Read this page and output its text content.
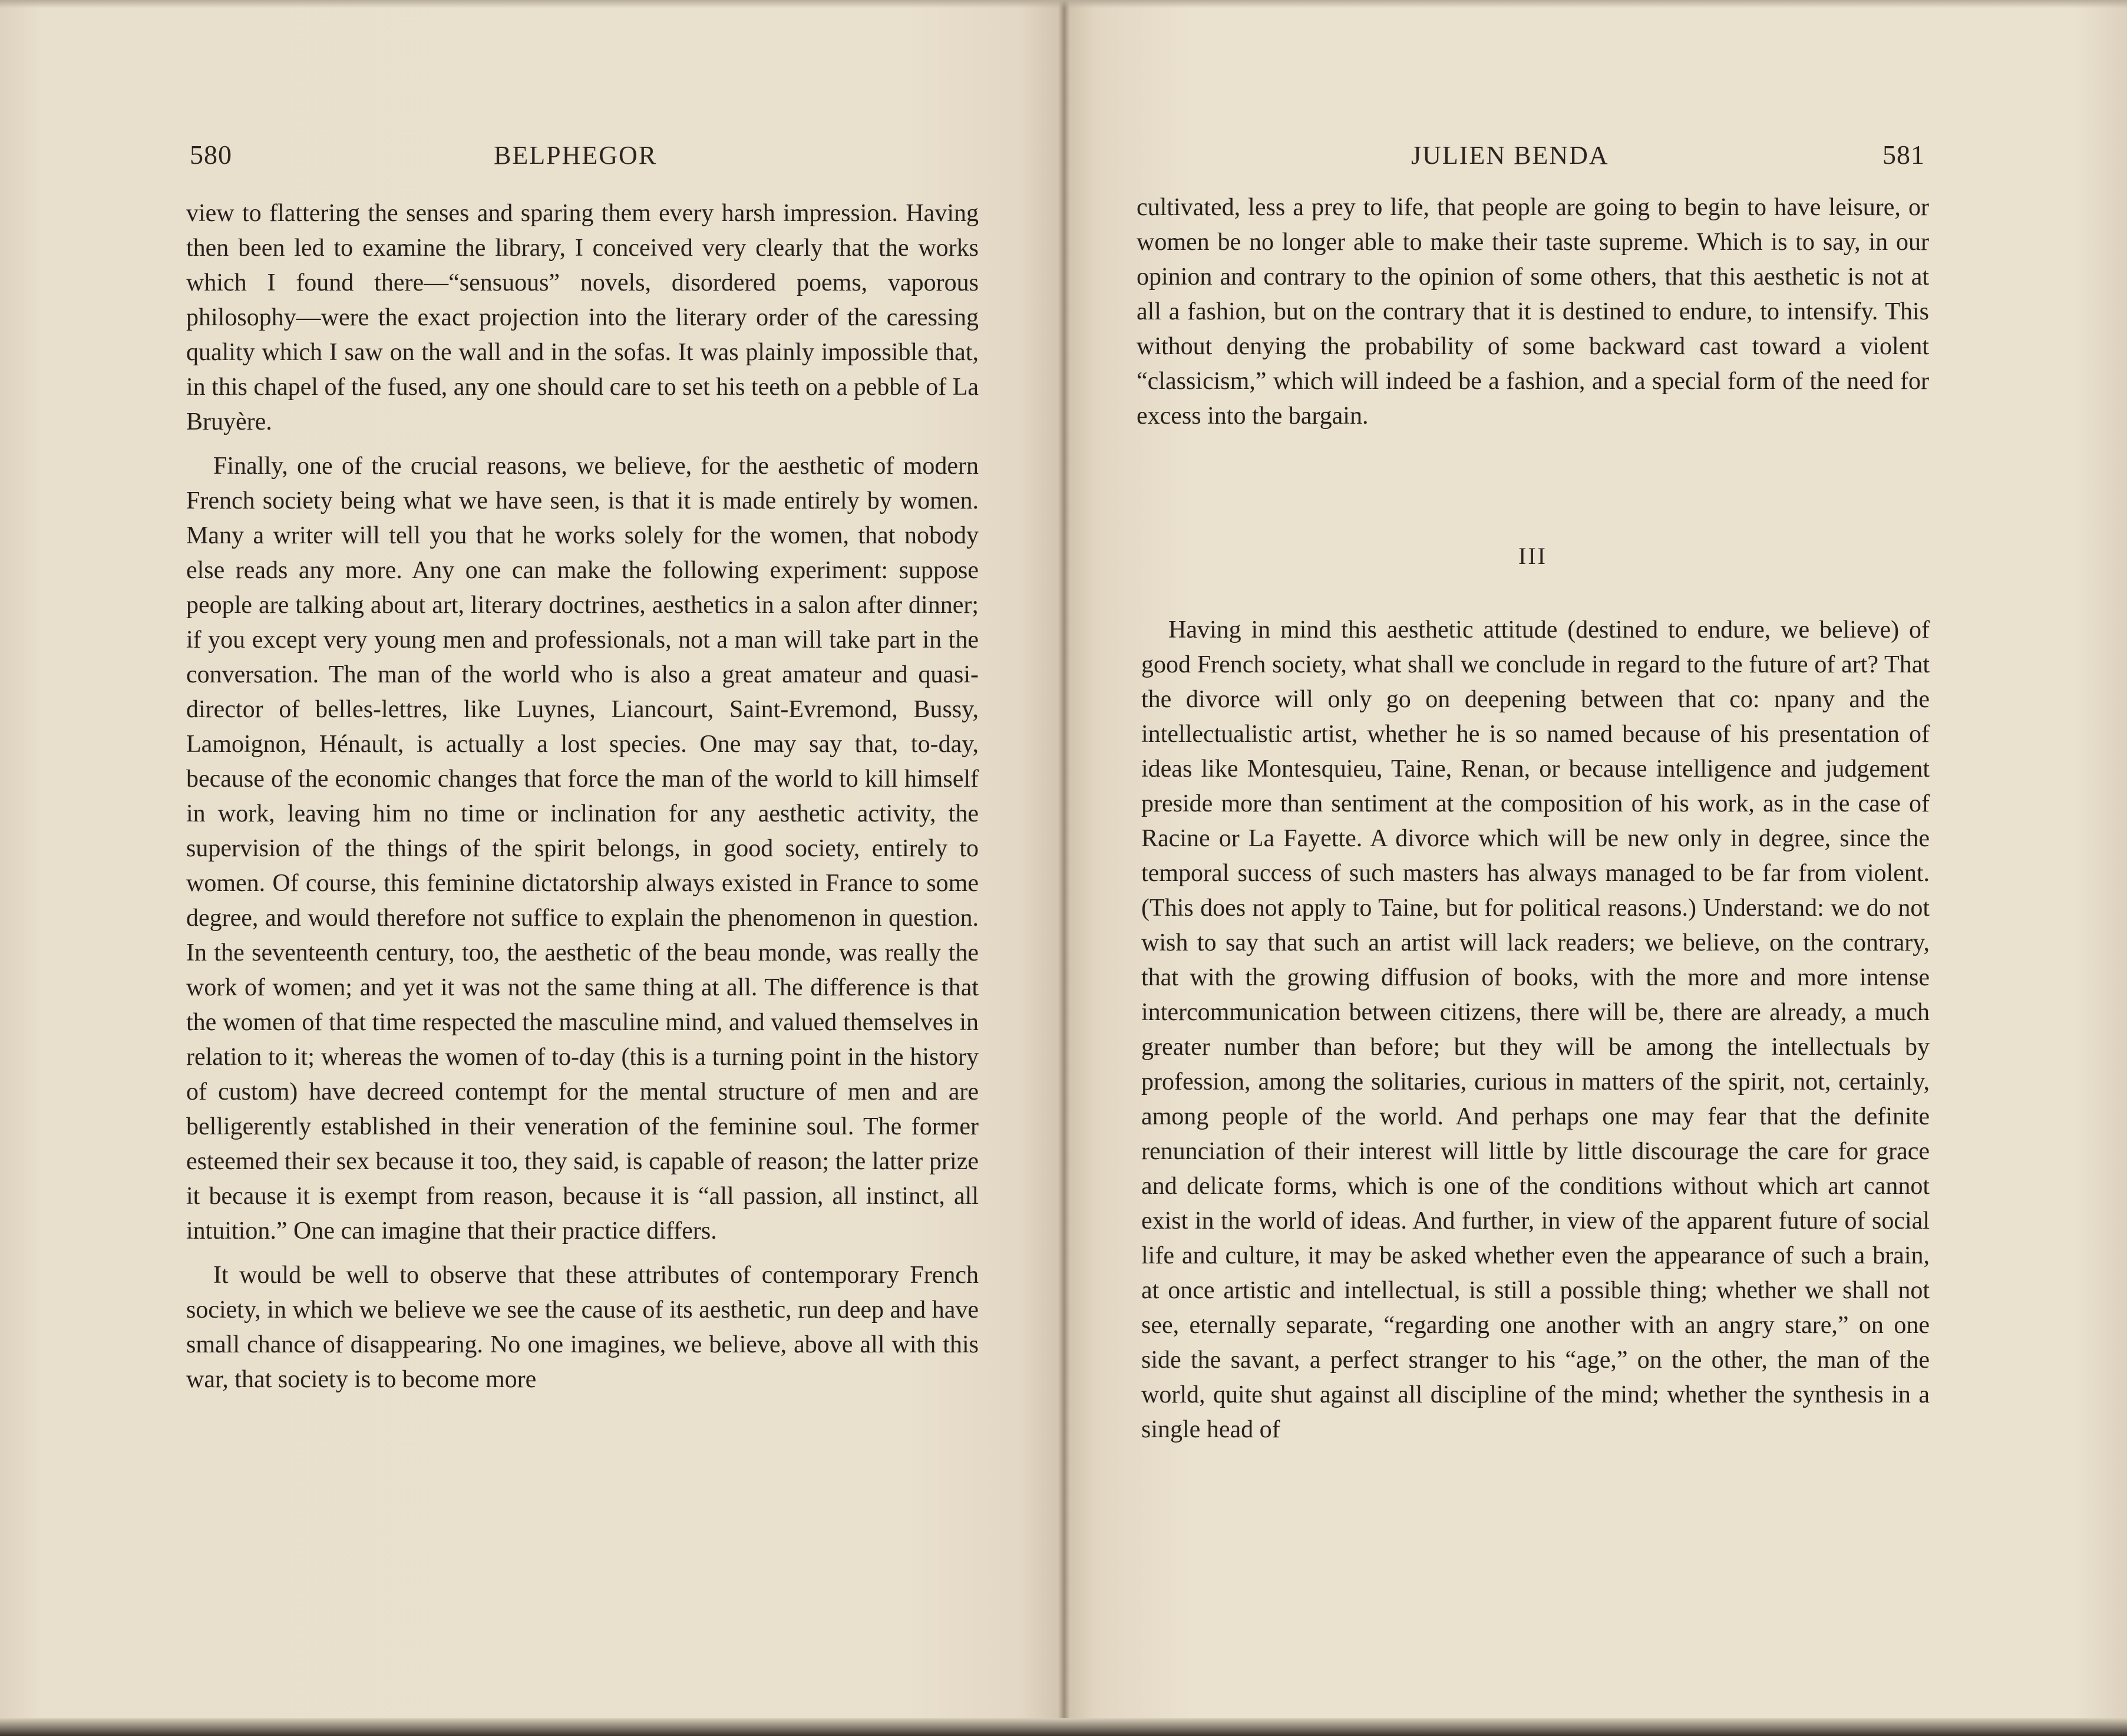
580	BELPHEGOR

view to flattering the senses and sparing them every harsh impression. Having then been led to examine the library, I conceived very clearly that the works which I found there—“sensuous” novels, disordered poems, vaporous philosophy—were the exact projection into the literary order of the caressing quality which I saw on the wall and in the sofas. It was plainly impossible that, in this chapel of the fused, any one should care to set his teeth on a pebble of La Bruyère.

Finally, one of the crucial reasons, we believe, for the aesthetic of modern French society being what we have seen, is that it is made entirely by women. Many a writer will tell you that he works solely for the women, that nobody else reads any more. Any one can make the following experiment: suppose people are talking about art, literary doctrines, aesthetics in a salon after dinner; if you except very young men and professionals, not a man will take part in the conversation. The man of the world who is also a great amateur and quasi-director of belles-lettres, like Luynes, Liancourt, Saint-Evremond, Bussy, Lamoignon, Hénault, is actually a lost species. One may say that, to-day, because of the economic changes that force the man of the world to kill himself in work, leaving him no time or inclination for any aesthetic activity, the supervision of the things of the spirit belongs, in good society, entirely to women. Of course, this feminine dictatorship always existed in France to some degree, and would therefore not suffice to explain the phenomenon in question. In the seventeenth century, too, the aesthetic of the beau monde, was really the work of women; and yet it was not the same thing at all. The difference is that the women of that time respected the masculine mind, and valued themselves in relation to it; whereas the women of to-day (this is a turning point in the history of custom) have decreed contempt for the mental structure of men and are belligerently established in their veneration of the feminine soul. The former esteemed their sex because it too, they said, is capable of reason; the latter prize it because it is exempt from reason, because it is “all passion, all instinct, all intuition.” One can imagine that their practice differs.

It would be well to observe that these attributes of contemporary French society, in which we believe we see the cause of its aesthetic, run deep and have small chance of disappearing. No one imagines, we believe, above all with this war, that society is to become more

JULIEN BENDA	581

cultivated, less a prey to life, that people are going to begin to have leisure, or women be no longer able to make their taste supreme. Which is to say, in our opinion and contrary to the opinion of some others, that this aesthetic is not at all a fashion, but on the contrary that it is destined to endure, to intensify. This without denying the probability of some backward cast toward a violent “classicism,” which will indeed be a fashion, and a special form of the need for excess into the bargain.

III

Having in mind this aesthetic attitude (destined to endure, we believe) of good French society, what shall we conclude in regard to the future of art? That the divorce will only go on deepening between that co: npany and the intellectualistic artist, whether he is so named because of his presentation of ideas like Montesquieu, Taine, Renan, or because intelligence and judgement preside more than sentiment at the composition of his work, as in the case of Racine or La Fayette. A divorce which will be new only in degree, since the temporal success of such masters has always managed to be far from violent. (This does not apply to Taine, but for political reasons.) Understand: we do not wish to say that such an artist will lack readers; we believe, on the contrary, that with the growing diffusion of books, with the more and more intense intercommunication between citizens, there will be, there are already, a much greater number than before; but they will be among the intellectuals by profession, among the solitaries, curious in matters of the spirit, not, certainly, among people of the world. And perhaps one may fear that the definite renunciation of their interest will little by little discourage the care for grace and delicate forms, which is one of the conditions without which art cannot exist in the world of ideas. And further, in view of the apparent future of social life and culture, it may be asked whether even the appearance of such a brain, at once artistic and intellectual, is still a possible thing; whether we shall not see, eternally separate, “regarding one another with an angry stare,” on one side the savant, a perfect stranger to his “age,” on the other, the man of the world, quite shut against all discipline of the mind; whether the synthesis in a single head of
